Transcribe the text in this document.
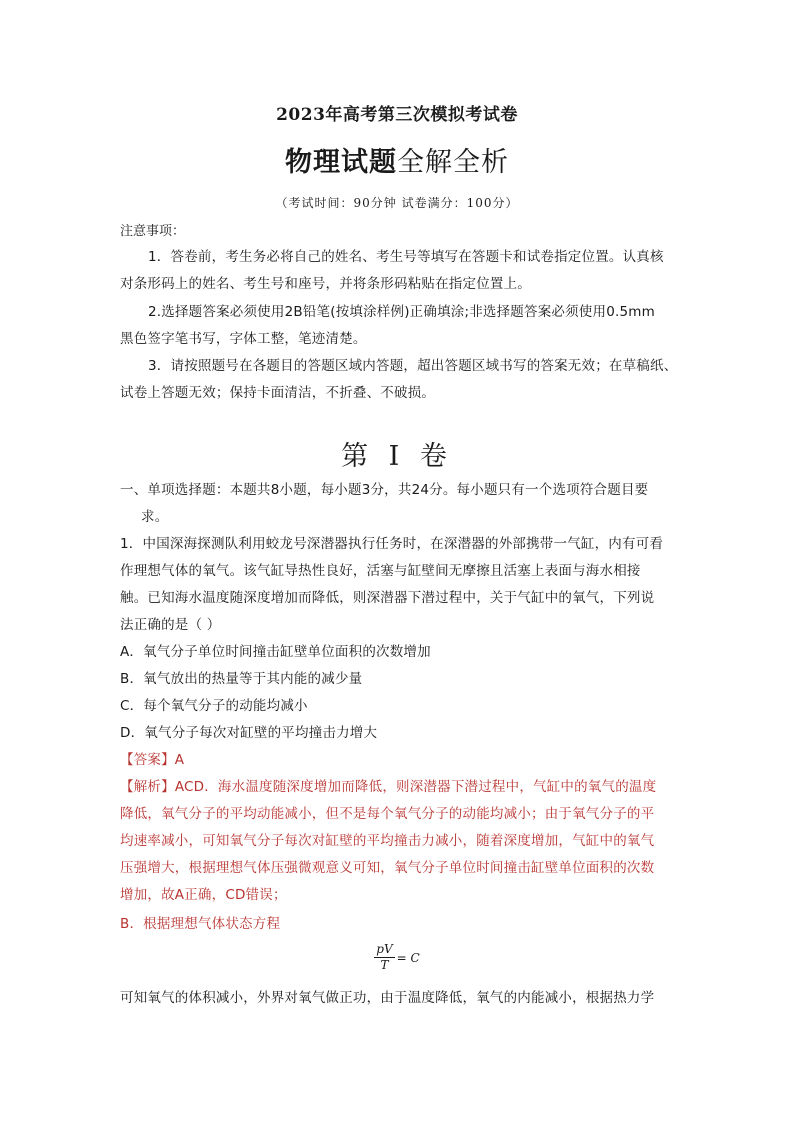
2023年高考第三次模拟考试卷
物理试题全解全析
（考试时间：90分钟 试卷满分：100分）
注意事项：
1．答卷前，考生务必将自己的姓名、考生号等填写在答题卡和试卷指定位置。认真核
对条形码上的姓名、考生号和座号，并将条形码粘贴在指定位置上。
2.选择题答案必须使用2B铅笔(按填涂样例)正确填涂;非选择题答案必须使用0.5mm
黑色签字笔书写，字体工整，笔迹清楚。
3．请按照题号在各题目的答题区域内答题，超出答题区域书写的答案无效；在草稿纸、
试卷上答题无效；保持卡面清洁，不折叠、不破损。
第 I 卷
一、单项选择题：本题共8小题，每小题3分，共24分。每小题只有一个选项符合题目要
求。
1．中国深海探测队利用蛟龙号深潜器执行任务时，在深潜器的外部携带一气缸，内有可看
作理想气体的氧气。该气缸导热性良好，活塞与缸壁间无摩擦且活塞上表面与海水相接
触。已知海水温度随深度增加而降低，则深潜器下潜过程中，关于气缸中的氧气，下列说
法正确的是（ ）
A．氧气分子单位时间撞击缸壁单位面积的次数增加
B．氧气放出的热量等于其内能的减少量
C．每个氧气分子的动能均减小
D．氧气分子每次对缸壁的平均撞击力增大
【答案】A
【解析】ACD．海水温度随深度增加而降低，则深潜器下潜过程中，气缸中的氧气的温度
降低，氧气分子的平均动能减小，但不是每个氧气分子的动能均减小；由于氧气分子的平
均速率减小，可知氧气分子每次对缸壁的平均撞击力减小，随着深度增加，气缸中的氧气
压强增大，根据理想气体压强微观意义可知，氧气分子单位时间撞击缸壁单位面积的次数
增加，故A正确，CD错误；
B．根据理想气体状态方程
$\frac{pV}{T} = C$
可知氧气的体积减小，外界对氧气做正功，由于温度降低，氧气的内能减小，根据热力学
